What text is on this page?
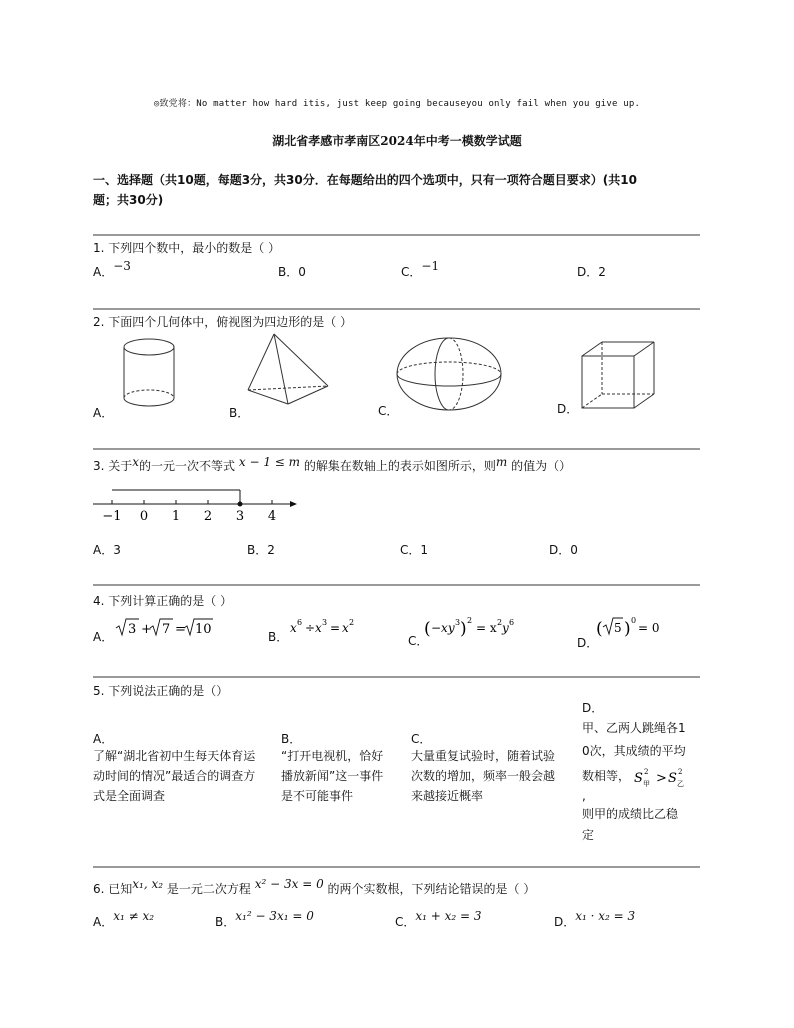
◎致党将：No matter how hard itis, just keep going becauseyou only fail when you give up.
湖北省孝感市孝南区2024年中考一模数学试题
一、选择题（共10题，每题3分，共30分．在每题给出的四个选项中，只有一项符合题目要求）(共10
题；共30分)
1. 下列四个数中，最小的数是（ ）
A．−3	B．0	C．−1	D．2
2. 下面四个几何体中，俯视图为四边形的是（ ）
A．	B．	C．	D．
3. 关于x的一元一次不等式 x − 1 ≤ m 的解集在数轴上的表示如图所示，则m 的值为（）
−1 0 1 2 3 4
A．3	B．2	C．1	D．0
4. 下列计算正确的是（ ）
A． 3 + 7 = 10	B．
x 6 ÷ x 3 = x 2
C．
( −xy 3 ) 2
= x 2 y 6
D．
( 5 ) 0
= 0
5. 下列说法正确的是（）
A．
了解“湖北省初中生每天体育运
动时间的情况”最适合的调查方
式是全面调查
B．
“打开电视机，恰好
播放新闻”这一事件
是不可能事件
C．
大量重复试验时，随着试验
次数的增加，频率一般会越
来越接近概率
D．
甲、乙两人跳绳各1
0次，其成绩的平均
数相等， S 甲
2 > S 乙
2
,
则甲的成绩比乙稳
定
6. 已知x₁, x₂ 是一元二次方程 x² − 3x = 0 的两个实数根，下列结论错误的是（ ）
A．x₁ ≠ x₂	B．x₁² − 3x₁ = 0	C．x₁ + x₂ = 3	D．x₁ · x₂ = 3
